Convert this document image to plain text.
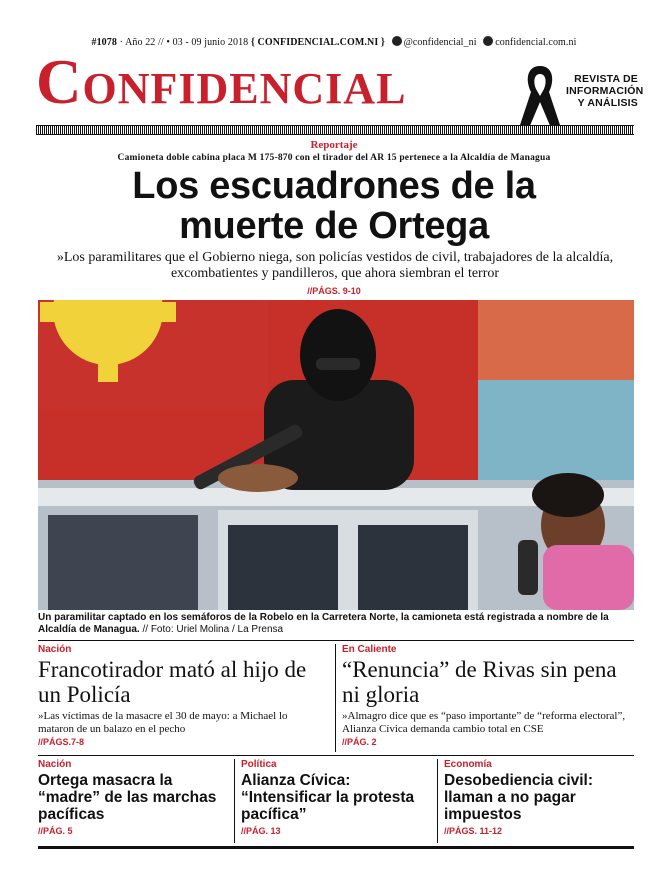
#1078 · Año 22 // • 03 - 09 junio 2018 { CONFIDENCIAL.COM.NI } @confidencial_ni confidencial.com.ni
Confidencial	REVISTA DE
INFORMACIÓN
Y ANÁLISIS
Reportaje
Camioneta doble cabina placa M 175-870 con el tirador del AR 15 pertenece a la Alcaldía de Managua
Los escuadrones de la
muerte de Ortega
»Los paramilitares que el Gobierno niega, son policías vestidos de civil, trabajadores de la alcaldía, excombatientes y pandilleros, que ahora siembran el terror
//PÁGS. 9-10
Un paramilitar captado en los semáforos de la Robelo en la Carretera Norte, la camioneta está registrada a nombre de la Alcaldía de Managua. // Foto: Uriel Molina / La Prensa
Nación
Francotirador mató al hijo de un Policía
»Las víctimas de la masacre el 30 de mayo: a Michael lo mataron de un balazo en el pecho
//PÁGS.7-8
En Caliente
“Renuncia” de Rivas sin pena ni gloria
»Almagro dice que es “paso importante” de “reforma electoral”, Alianza Cívica demanda cambio total en CSE
//PÁG. 2
Nación
Ortega masacra la “madre” de las marchas pacíficas
//PÁG. 5
Política
Alianza Cívica: “Intensificar la protesta pacífica”
//PÁG. 13
Economía
Desobediencia civil: llaman a no pagar impuestos
//PÁGS. 11-12
